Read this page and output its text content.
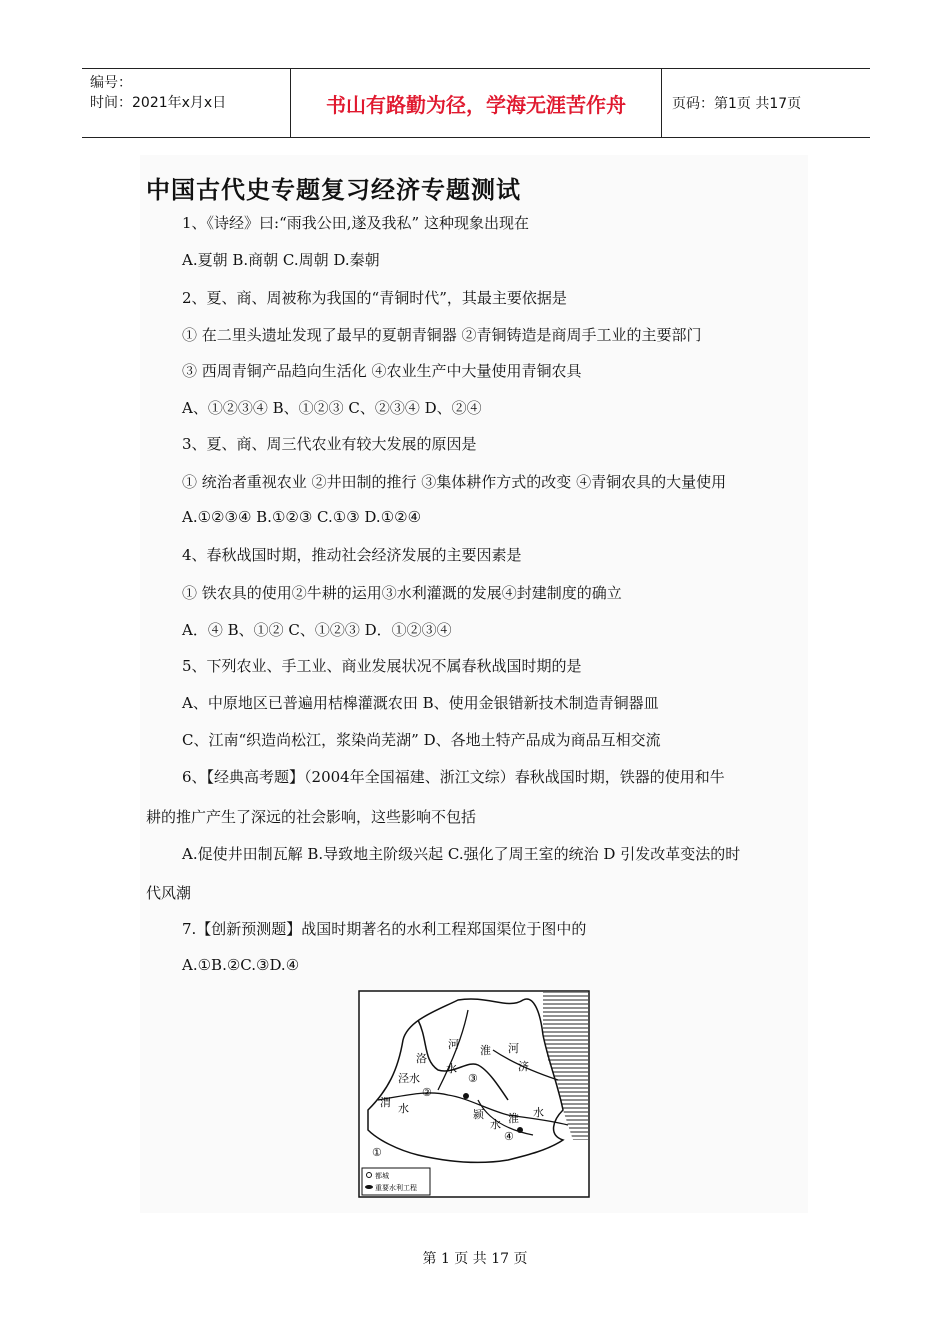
编号：
时间：2021年x月x日	书山有路勤为径，学海无涯苦作舟	页码：第1页 共17页
中国古代史专题复习经济专题测试
1、《诗经》曰:“雨我公田,遂及我私” 这种现象出现在
A.夏朝 B.商朝 C.周朝 D.秦朝
2、夏、商、周被称为我国的“青铜时代”，其最主要依据是
① 在二里头遗址发现了最早的夏朝青铜器 ②青铜铸造是商周手工业的主要部门
③ 西周青铜产品趋向生活化 ④农业生产中大量使用青铜农具
A、①②③④ B、①②③ C、②③④ D、②④
3、夏、商、周三代农业有较大发展的原因是
① 统治者重视农业 ②井田制的推行 ③集体耕作方式的改变 ④青铜农具的大量使用
A.①②③④ B.①②③ C.①③ D.①②④
4、春秋战国时期，推动社会经济发展的主要因素是
① 铁农具的使用②牛耕的运用③水利灌溉的发展④封建制度的确立
A．④ B、①② C、①②③ D．①②③④
5、下列农业、手工业、商业发展状况不属春秋战国时期的是
A、中原地区已普遍用桔槔灌溉农田 B、使用金银错新技术制造青铜器皿
C、江南“织造尚松江，浆染尚芜湖” D、各地土特产品成为商品互相交流
6、【经典高考题】（2004年全国福建、浙江文综）春秋战国时期，铁器的使用和牛
耕的推广产生了深远的社会影响，这些影响不包括
A.促使井田制瓦解 B.导致地主阶级兴起 C.强化了周王室的统治 D 引发改革变法的时
代风潮
7.【创新预测题】战国时期著名的水利工程郑国渠位于图中的
A.①B.②C.③D.④
洛
河 淮 河
泾水
水	济
渭 水	颍
水 淮 水
①
②
③
④
都城
重要水利工程
第 1 页 共 17 页
